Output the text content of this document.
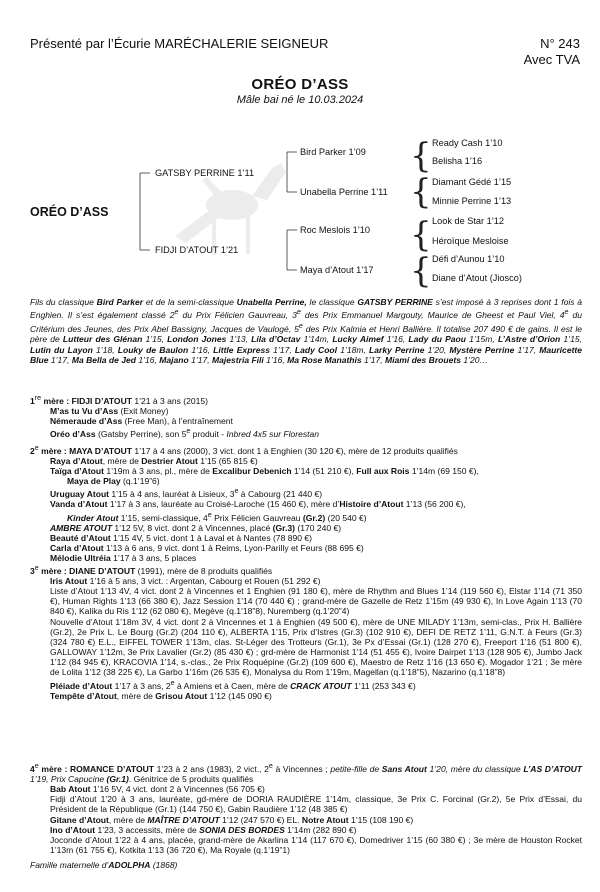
Présenté par l’Écurie MARÉCHALERIE SEIGNEUR	N° 243
Avec TVA
ORÉO D’ASS
Mâle bai né le 10.03.2024
{
{
{
{
ORÉO D’ASS
GATSBY PERRINE 1’11
FIDJI D’ATOUT 1’21
Bird Parker 1’09
Unabella Perrine 1’11
Roc Meslois 1’10
Maya d’Atout 1’17
Ready Cash 1’10
Belisha 1’16
Diamant Gédé 1’15
Minnie Perrine 1’13
Look de Star 1’12
Héroïque Mesloise
Défi d’Aunou 1’10
Diane d’Atout (Jiosco)
Fils du classique Bird Parker et de la semi-classique Unabella Perrine, le classique GATSBY PERRINE s’est imposé à 3 reprises dont 1 fois à Enghien. Il s’est également classé 2e du Prix Félicien Gauvreau, 3e des Prix Emmanuel Margouty, Maurice de Gheest et Paul Viel, 4e du Critérium des Jeunes, des Prix Abel Bassigny, Jacques de Vaulogé, 5e des Prix Kalmia et Henri Ballière. Il totalise 207 490 € de gains. Il est le père de Lutteur des Glénan 1’15, London Jones 1’13, Lila d’Octav 1’14m, Lucky Aimef 1’16, Lady du Paou 1’15m, L’Astre d’Orion 1’15, Lutin du Layon 1’18, Louky de Baulon 1’16, Little Express 1’17, Lady Cool 1’18m, Larky Perrine 1’20, Mystère Perrine 1’17, Mauricette Blue 1’17, Ma Bella de Jed 1’16, Majano 1’17, Majestria Fili 1’16, Ma Rose Manathis 1’17, Miami des Brouets 1’20…

1re mère : FIDJI D’ATOUT 1’21 à 3 ans (2015)

M’as tu Vu d’Ass (Exit Money)

Némeraude d’Ass (Free Man), à l’entraînement

Oréo d’Ass (Gatsby Perrine), son 5e produit - Inbred 4x5 sur Florestan

2e mère : MAYA D’ATOUT 1’17 à 4 ans (2000), 3 vict. dont 1 à Enghien (30 120 €), mère de 12 produits qualifiés

Raya d’Atout, mère de Destrier Atout 1’15 (65 815 €)

Taïga d’Atout 1’19m à 3 ans, pl., mère de Excalibur Debenich 1’14 (51 210 €), Full aux Rois 1’14m (69 150 €),

Maya de Play (q.1’19”6)

Uruguay Atout 1’15 à 4 ans, lauréat à Lisieux, 3e à Cabourg (21 440 €)

Vanda d’Atout 1’17 à 3 ans, lauréate au Croisé-Laroche (15 460 €), mère d’Histoire d’Atout 1’13 (56 200 €),

Kinder Atout 1’15, semi-classique, 4e Prix Félicien Gauvreau (Gr.2) (20 540 €)

AMBRE ATOUT 1’12 5V, 8 vict. dont 2 à Vincennes, placé (Gr.3) (170 240 €)

Beauté d’Atout 1’15 4V, 5 vict. dont 1 à Laval et à Nantes (78 890 €)

Carla d’Atout 1’13 à 6 ans, 9 vict. dont 1 à Reims, Lyon-Parilly et Feurs (88 695 €)

Mélodie Ultréia 1’17 à 3 ans, 5 places

3e mère : DIANE D’ATOUT (1991), mère de 8 produits qualifiés

Iris Atout 1’16 à 5 ans, 3 vict. : Argentan, Cabourg et Rouen (51 292 €)

Liste d’Atout 1’13 4V, 4 vict. dont 2 à Vincennes et 1 Enghien (91 180 €), mère de Rhythm and Blues 1’14 (119 560 €), Elstar 1’14 (71 350 €), Human Rights 1’13 (66 380 €), Jazz Session 1’14 (70 440 €) ; grand-mère de Gazelle de Retz 1’15m (49 930 €), In Love Again 1’13 (70 840 €), Kalika du Ris 1’12 (62 080 €), Megève (q.1’18”8), Nuremberg (q.1’20”4)

Nouvelle d’Atout 1’18m 3V, 4 vict. dont 2 à Vincennes et 1 à Enghien (49 500 €), mère de UNE MILADY 1’13m, semi-clas., Prix H. Ballière (Gr.2), 2e Prix L. Le Bourg (Gr.2) (204 110 €), ALBERTA 1’15, Prix d’Istres (Gr.3) (102 910 €), DEFI DE RETZ 1’11, G.N.T. à Feurs (Gr.3) (324 780 €) E.L., EIFFEL TOWER 1’13m, clas. St-Léger des Trotteurs (Gr.1), 3e Px d’Essai (Gr.1) (128 270 €), Freeport 1’16 (51 800 €), GALLOWAY 1’12m, 3e Prix Lavalier (Gr.2) (85 430 €) ; grd-mère de Harmonist 1’14 (51 455 €), Ivoire Dairpet 1’13 (128 905 €), Jumbo Jack 1’12 (84 945 €), KRACOVIA 1’14, s.-clas., 2e Prix Roquépine (Gr.2) (109 600 €), Maestro de Retz 1’16 (13 650 €). Mogador 1’21 ; 3e mère de Lolita 1’12 (38 225 €), La Garbo 1’16m (26 535 €), Monalysa du Rom 1’19m, Magellan (q.1’18”5), Nazarino (q.1’18”8)

Pléiade d’Atout 1’17 à 3 ans, 2e à Amiens et à Caen, mère de CRACK ATOUT 1’11 (253 343 €)

Tempête d’Atout, mère de Grisou Atout 1’12 (145 090 €)

4e mère : ROMANCE D’ATOUT 1’23 à 2 ans (1983), 2 vict., 2e à Vincennes ; petite-fille de Sans Atout 1’20, mère du classique L’AS D’ATOUT 1’19, Prix Capucine (Gr.1). Génitrice de 5 produits qualifiés

Bab Atout 1’16 5V, 4 vict. dont 2 à Vincennes (56 705 €)

Fidji d’Atout 1’20 à 3 ans, lauréate, gd-mère de DORIA RAUDIÈRE 1’14m, classique, 3e Prix C. Forcinal (Gr.2), 5e Prix d’Essai, du Président de la République (Gr.1) (144 750 €), Gabin Raudière 1’12 (48 385 €)

Gitane d’Atout, mère de MAÎTRE D’ATOUT 1’12 (247 570 €) EL. Notre Atout 1’15 (108 190 €)

Ino d’Atout 1’23, 3 accessits, mère de SONIA DES BORDES 1’14m (282 890 €)

Joconde d’Atout 1’22 à 4 ans, placée, grand-mère de Akarlina 1’14 (117 670 €), Domedriver 1’15 (60 380 €) ; 3e mère de Houston Rocket 1’13m (61 755 €), Kotkita 1’13 (36 720 €), Ma Royale (q.1’19”1)

Famille maternelle d’ADOLPHA (1868)
